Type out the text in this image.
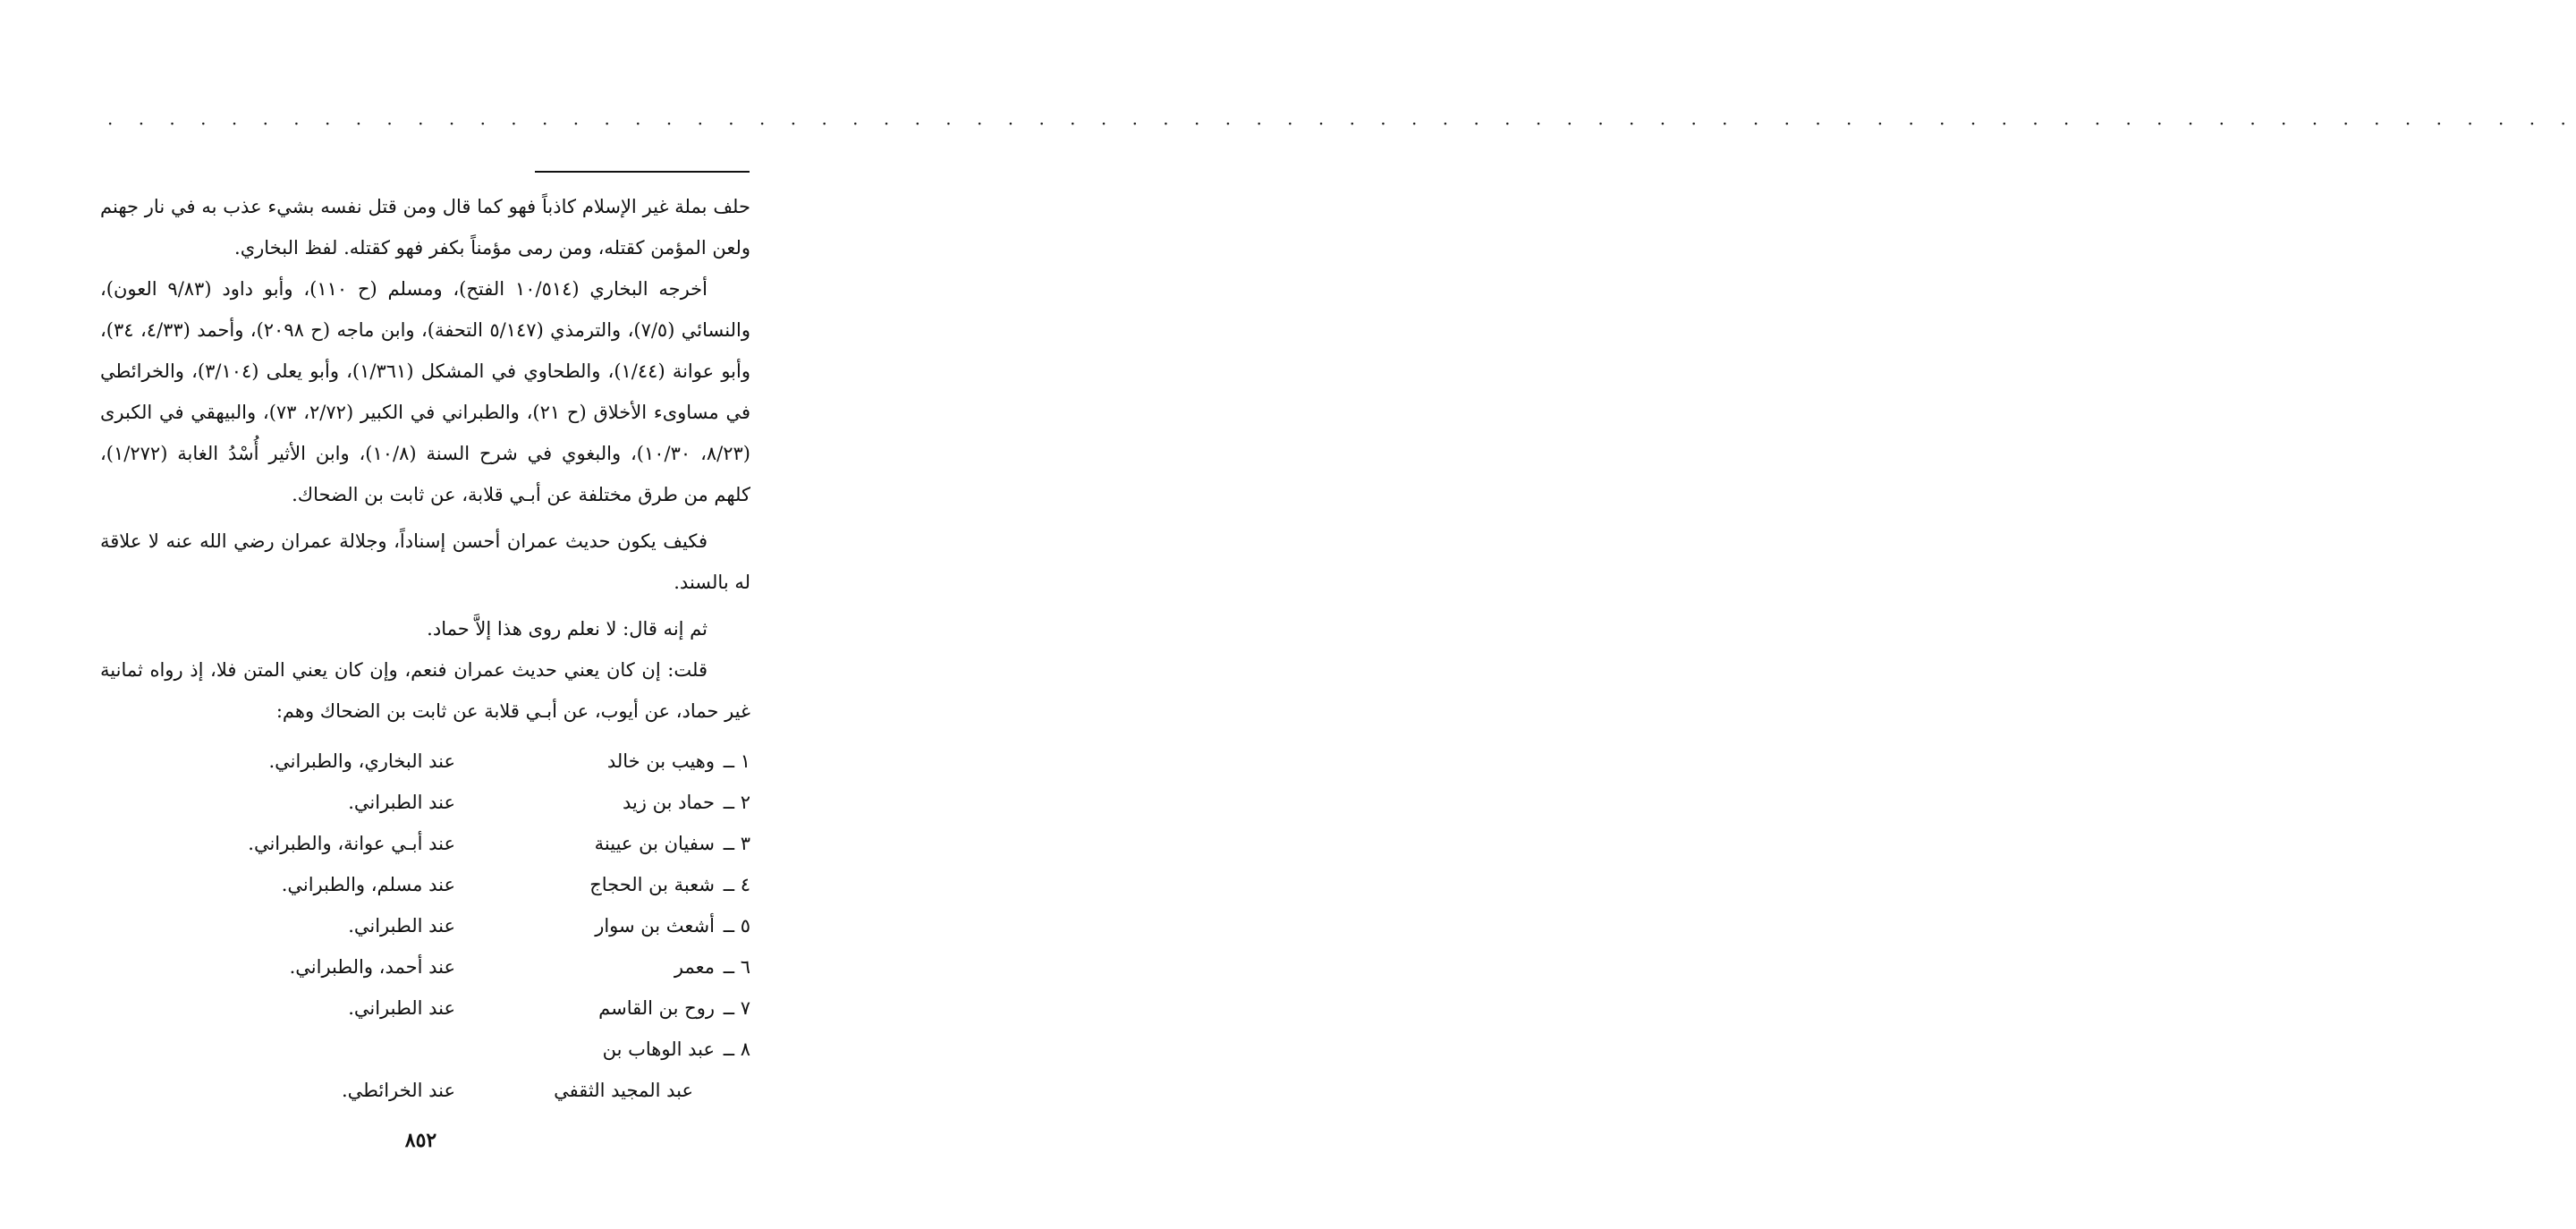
· · · · · · · · · · · · · · · · · · · · · · · · · · · · · · · · · · · · · · · · · · · · · · · · · · · · · · · · · · · · · · · · · · · · · · · · · · · · · · · ·

حلف بملة غير الإسلام كاذباً فهو كما قال ومن قتل نفسه بشيء عذب به في نار جهنم ولعن المؤمن كقتله، ومن رمى مؤمناً بكفر فهو كقتله. لفظ البخاري.

أخرجه البخاري (١٠/٥١٤ الفتح)، ومسلم (ح ١١٠)، وأبو داود (٩/٨٣ العون)، والنسائي (٧/٥)، والترمذي (٥/١٤٧ التحفة)، وابن ماجه (ح ٢٠٩٨)، وأحمد (٤/٣٣، ٣٤)، وأبو عوانة (١/٤٤)، والطحاوي في المشكل (١/٣٦١)، وأبو يعلى (٣/١٠٤)، والخرائطي في مساوىء الأخلاق (ح ٢١)، والطبراني في الكبير (٢/٧٢، ٧٣)، والبيهقي في الكبرى (٨/٢٣، ١٠/٣٠)، والبغوي في شرح السنة (١٠/٨)، وابن الأثير أُسْدُ الغابة (١/٢٧٢)، كلهم من طرق مختلفة عن أبـي قلابة، عن ثابت بن الضحاك.

فكيف يكون حديث عمران أحسن إسناداً، وجلالة عمران رضي الله عنه لا علاقة له بالسند.

ثم إنه قال: لا نعلم روى هذا إلاَّ حماد.

قلت: إن كان يعني حديث عمران فنعم، وإن كان يعني المتن فلا، إذ رواه ثمانية غير حماد، عن أيوب، عن أبـي قلابة عن ثابت بن الضحاك وهم:

١ ــ
وهيب بن خالد
عند البخاري، والطبراني.
٢ ــ
حماد بن زيد
عند الطبراني.
٣ ــ
سفيان بن عيينة
عند أبـي عوانة، والطبراني.
٤ ــ
شعبة بن الحجاج
عند مسلم، والطبراني.
٥ ــ
أشعث بن سوار
عند الطبراني.
٦ ــ
معمر
عند أحمد، والطبراني.
٧ ــ
روح بن القاسم
عند الطبراني.
٨ ــ
عبد الوهاب بن
عبد المجيد الثقفي
عند الخرائطي.
٨٥٢
